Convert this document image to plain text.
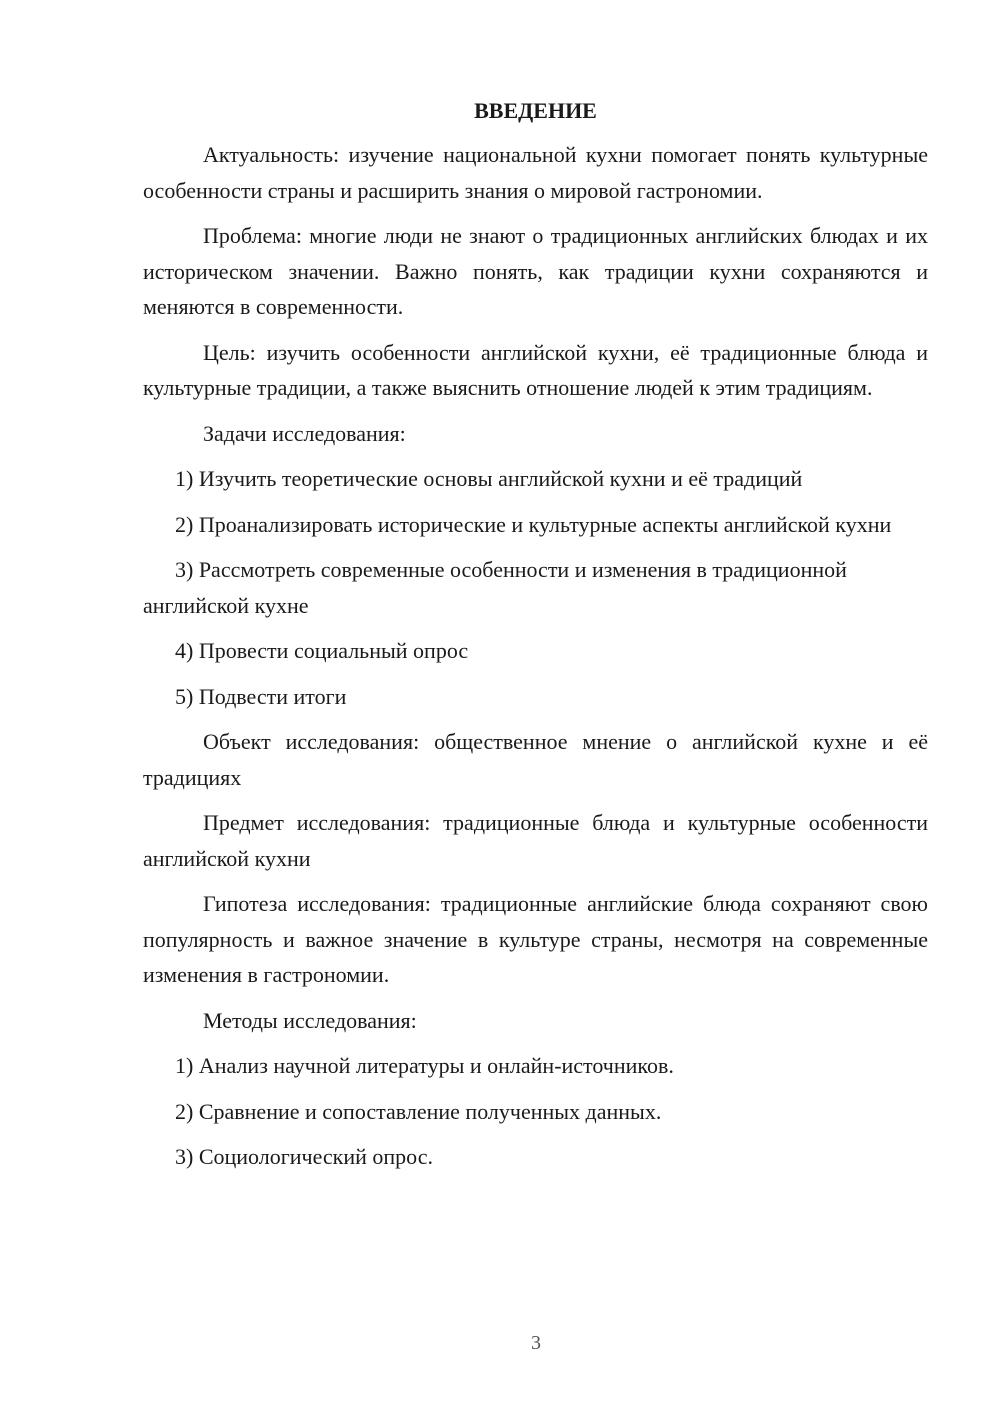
ВВЕДЕНИЕ
Актуальность: изучение национальной кухни помогает понять культурные особенности страны и расширить знания о мировой гастрономии.
Проблема: многие люди не знают о традиционных английских блюдах и их историческом значении. Важно понять, как традиции кухни сохраняются и меняются в современности.
Цель: изучить особенности английской кухни, её традиционные блюда и культурные традиции, а также выяснить отношение людей к этим традициям.
Задачи исследования:
1) Изучить теоретические основы английской кухни и её традиций
2) Проанализировать исторические и культурные аспекты английской кухни
3) Рассмотреть современные особенности и изменения в традиционной английской кухне
4) Провести социальный опрос
5) Подвести итоги
Объект исследования: общественное мнение о английской кухне и её традициях
Предмет исследования: традиционные блюда и культурные особенности английской кухни
Гипотеза исследования: традиционные английские блюда сохраняют свою популярность и важное значение в культуре страны, несмотря на современные изменения в гастрономии.
Методы исследования:
1) Анализ научной литературы и онлайн-источников.
2) Сравнение и сопоставление полученных данных.
3) Социологический опрос.
3
